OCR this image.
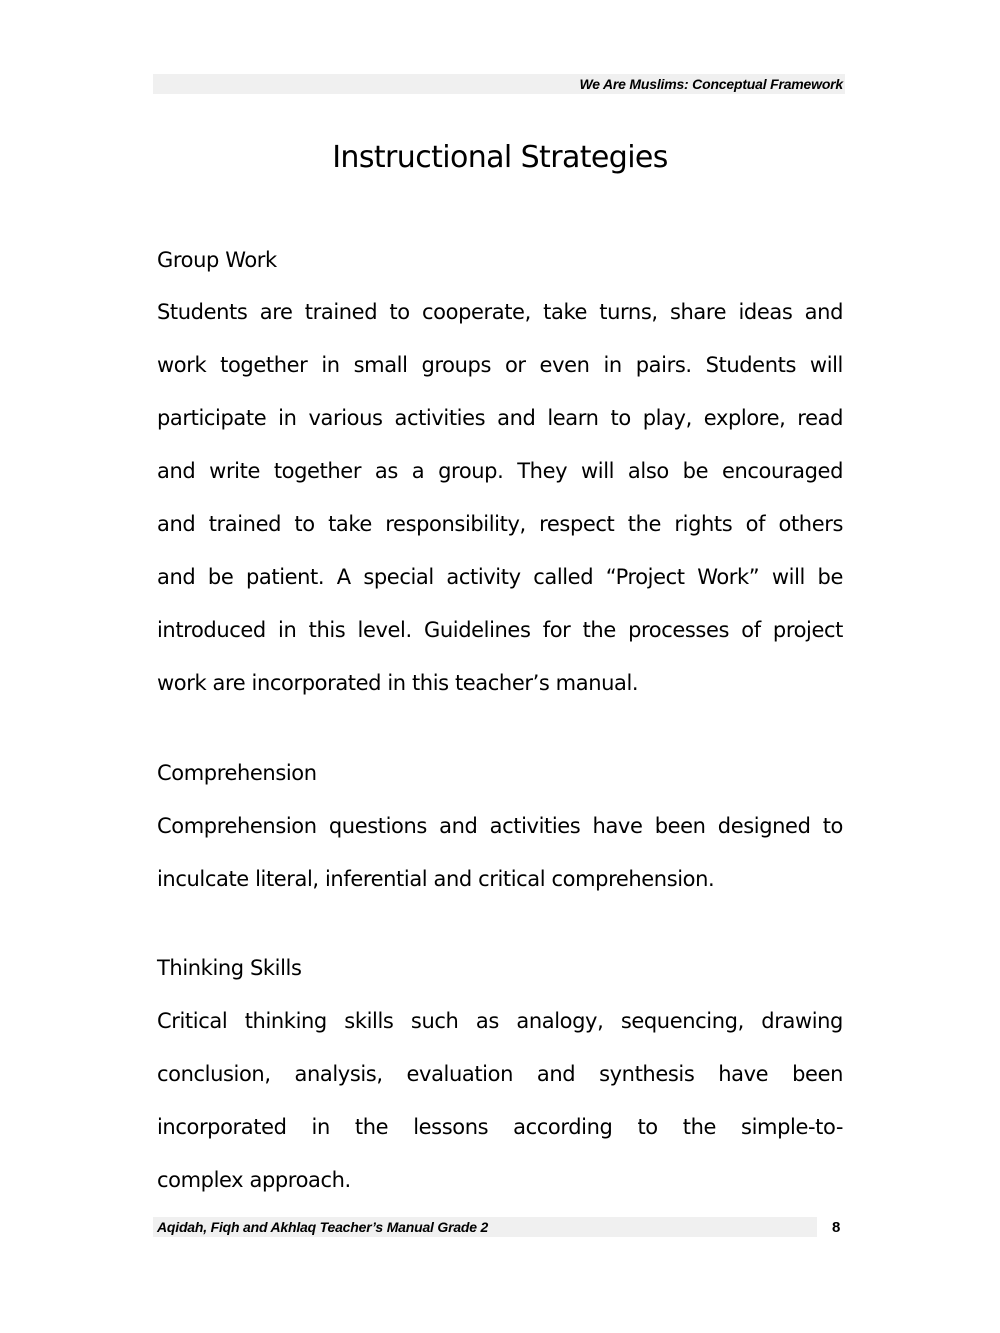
We Are Muslims: Conceptual Framework
Instructional Strategies
Group Work
Students are trained to cooperate, take turns, share ideas and
work together in small groups or even in pairs. Students will
participate in various activities and learn to play, explore, read
and write together as a group. They will also be encouraged
and trained to take responsibility, respect the rights of others
and be patient. A special activity called “Project Work” will be
introduced in this level. Guidelines for the processes of project
work are incorporated in this teacher’s manual.
Comprehension
Comprehension questions and activities have been designed to
inculcate literal, inferential and critical comprehension.
Thinking Skills
Critical thinking skills such as analogy, sequencing, drawing
conclusion, analysis, evaluation and synthesis have been
incorporated in the lessons according to the simple-to-
complex approach.
Aqidah, Fiqh and Akhlaq Teacher’s Manual Grade 2	8
